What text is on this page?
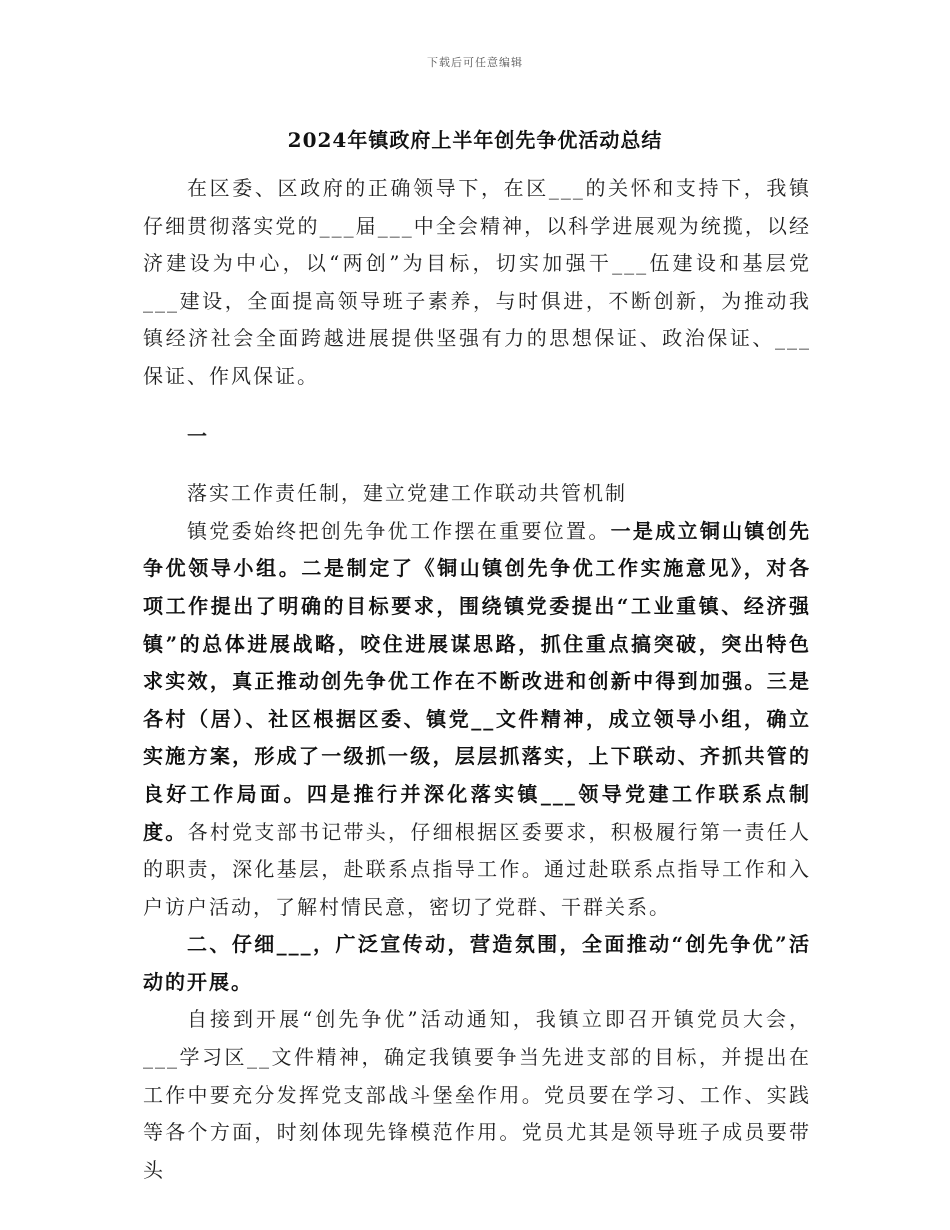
下载后可任意编辑
2024年镇政府上半年创先争优活动总结

在区委、区政府的正确领导下，在区___的关怀和支持下，我镇仔细贯彻落实党的___届___中全会精神，以科学进展观为统揽，以经济建设为中心，以“两创”为目标，切实加强干___伍建设和基层党___建设，全面提高领导班子素养，与时俱进，不断创新，为推动我镇经济社会全面跨越进展提供坚强有力的思想保证、政治保证、___保证、作风保证。

一

落实工作责任制，建立党建工作联动共管机制

镇党委始终把创先争优工作摆在重要位置。一是成立铜山镇创先争优领导小组。二是制定了《铜山镇创先争优工作实施意见》，对各项工作提出了明确的目标要求，围绕镇党委提出“工业重镇、经济强镇”的总体进展战略，咬住进展谋思路，抓住重点搞突破，突出特色求实效，真正推动创先争优工作在不断改进和创新中得到加强。三是各村（居）、社区根据区委、镇党__文件精神，成立领导小组，确立实施方案，形成了一级抓一级，层层抓落实，上下联动、齐抓共管的良好工作局面。四是推行并深化落实镇___领导党建工作联系点制度。各村党支部书记带头，仔细根据区委要求，积极履行第一责任人的职责，深化基层，赴联系点指导工作。通过赴联系点指导工作和入户访户活动，了解村情民意，密切了党群、干群关系。

二、仔细___，广泛宣传动，营造氛围，全面推动“创先争优”活动的开展。

自接到开展“创先争优”活动通知，我镇立即召开镇党员大会，___学习区__文件精神，确定我镇要争当先进支部的目标，并提出在工作中要充分发挥党支部战斗堡垒作用。党员要在学习、工作、实践等各个方面，时刻体现先锋模范作用。党员尤其是领导班子成员要带头
